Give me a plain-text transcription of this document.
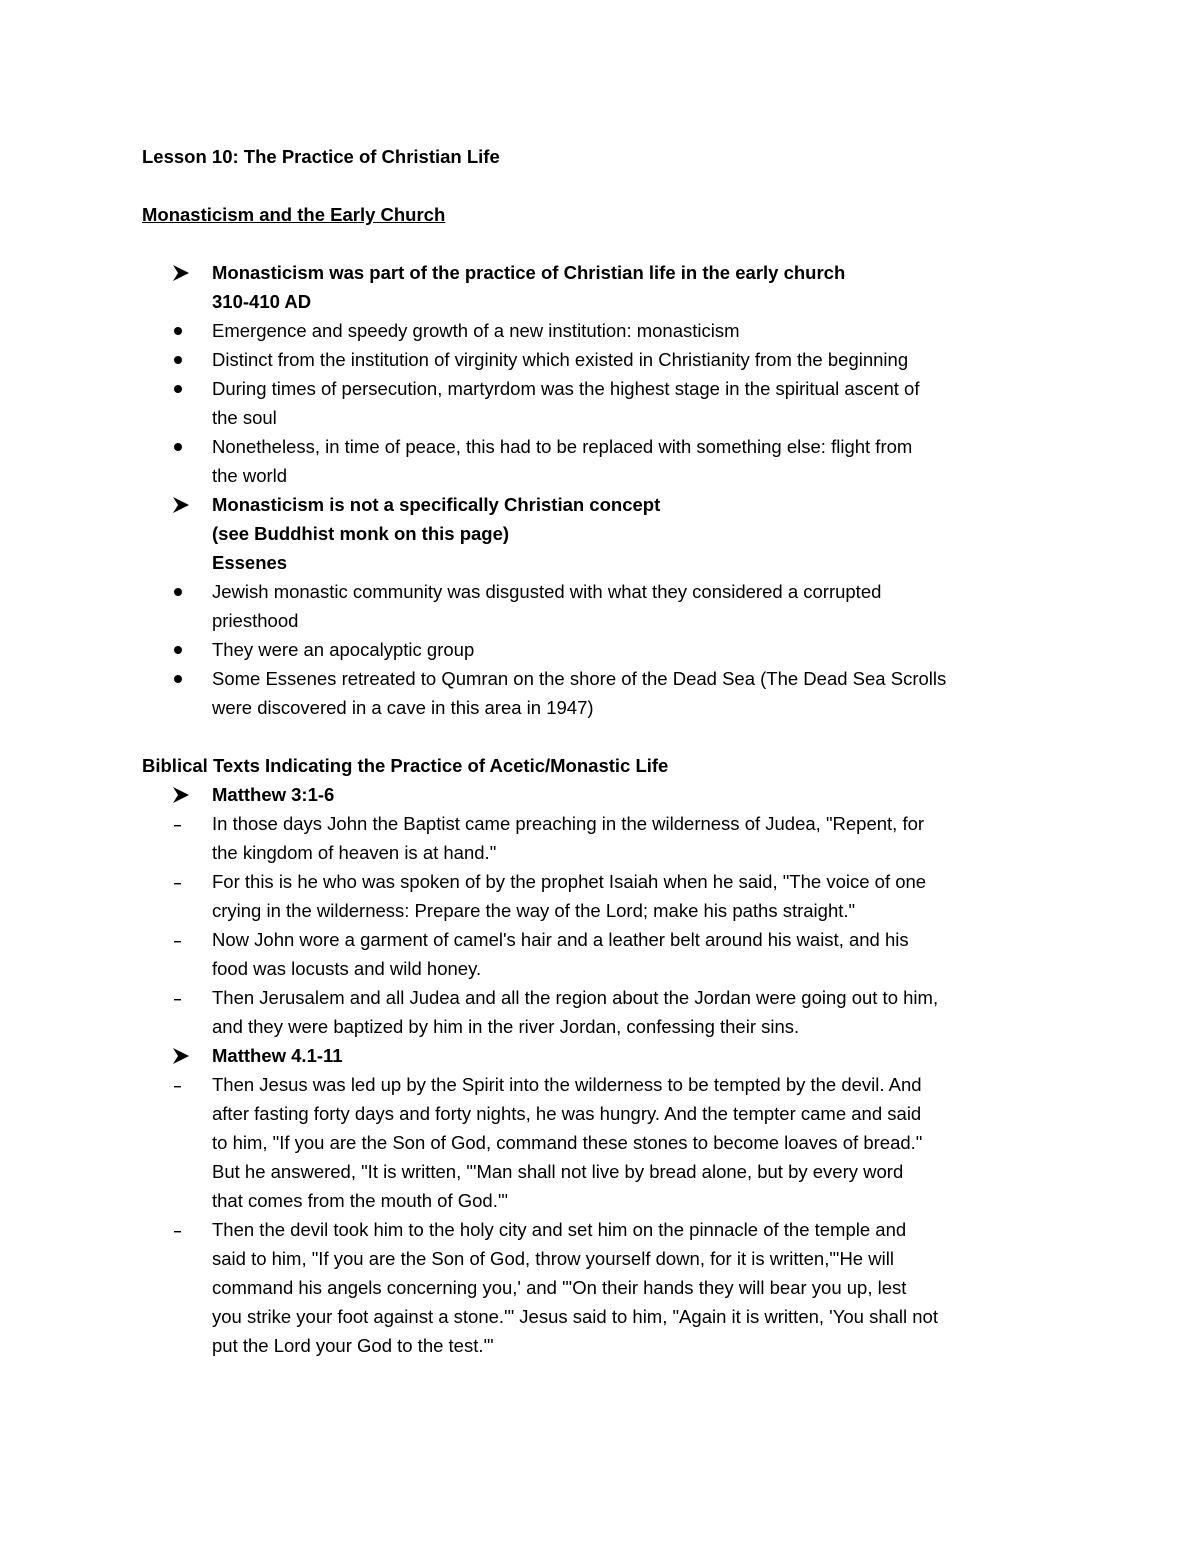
Lesson 10: The Practice of Christian Life

Monasticism and the Early Church

Monasticism was part of the practice of Christian life in the early church
310-410 AD
Emergence and speedy growth of a new institution: monasticism
Distinct from the institution of virginity which existed in Christianity from the beginning
During times of persecution, martyrdom was the highest stage in the spiritual ascent of
the soul
Nonetheless, in time of peace, this had to be replaced with something else: flight from
the world
Monasticism is not a specifically Christian concept
(see Buddhist monk on this page)
Essenes
Jewish monastic community was disgusted with what they considered a corrupted
priesthood
They were an apocalyptic group
Some Essenes retreated to Qumran on the shore of the Dead Sea (The Dead Sea Scrolls
were discovered in a cave in this area in 1947)

Biblical Texts Indicating the Practice of Acetic/Monastic Life

Matthew 3:1-6
In those days John the Baptist came preaching in the wilderness of Judea, "Repent, for
the kingdom of heaven is at hand."
For this is he who was spoken of by the prophet Isaiah when he said, "The voice of one
crying in the wilderness: Prepare the way of the Lord; make his paths straight."
Now John wore a garment of camel's hair and a leather belt around his waist, and his
food was locusts and wild honey.
Then Jerusalem and all Judea and all the region about the Jordan were going out to him,
and they were baptized by him in the river Jordan, confessing their sins.
Matthew 4.1-11
Then Jesus was led up by the Spirit into the wilderness to be tempted by the devil. And
after fasting forty days and forty nights, he was hungry. And the tempter came and said
to him, "If you are the Son of God, command these stones to become loaves of bread."
But he answered, "It is written, "'Man shall not live by bread alone, but by every word
that comes from the mouth of God.'"
Then the devil took him to the holy city and set him on the pinnacle of the temple and
said to him, "If you are the Son of God, throw yourself down, for it is written,"'He will
command his angels concerning you,' and "'On their hands they will bear you up, lest
you strike your foot against a stone.'" Jesus said to him, "Again it is written, 'You shall not
put the Lord your God to the test.'"
